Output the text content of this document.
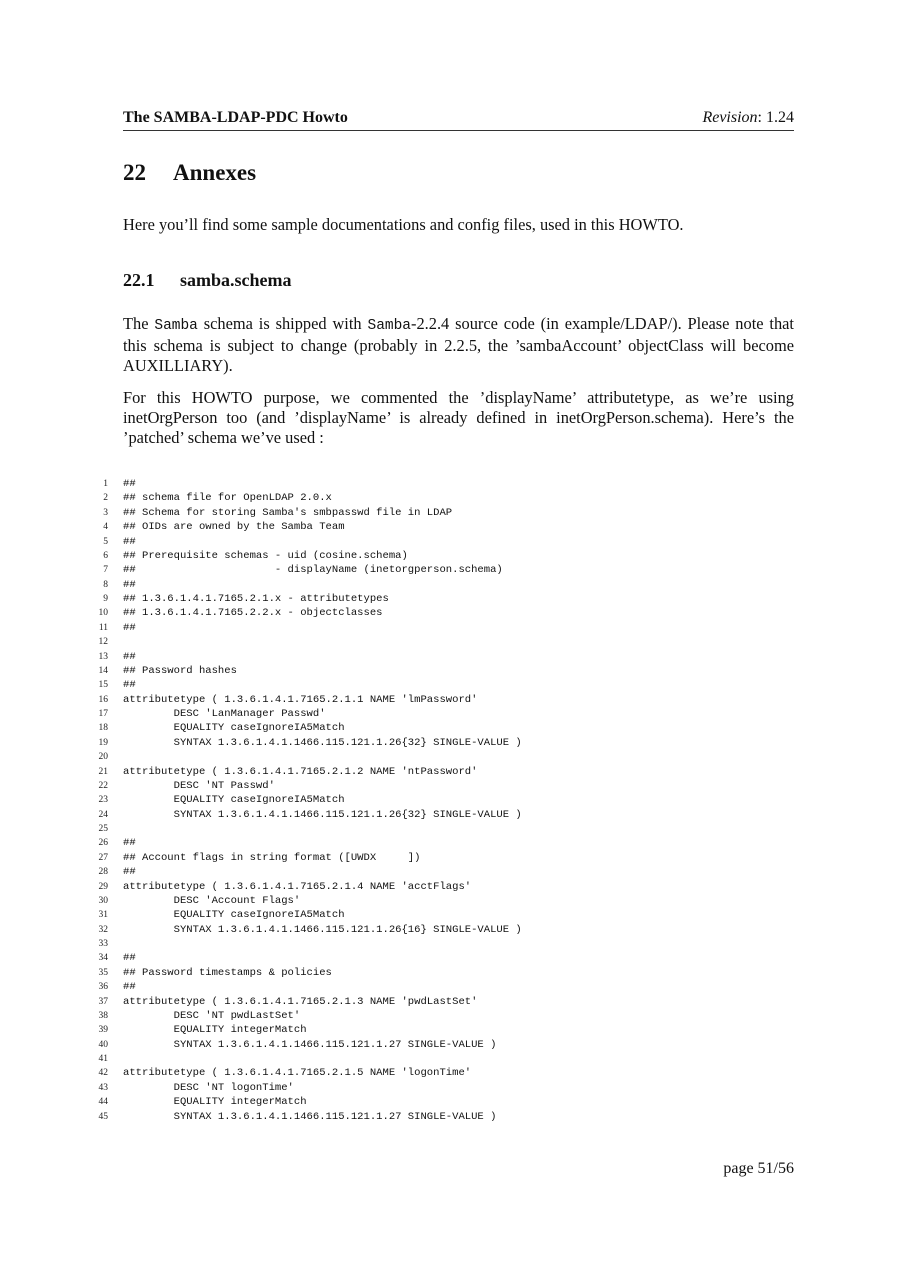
The SAMBA-LDAP-PDC Howto	Revision: 1.24
22 Annexes

Here you’ll find some sample documentations and config files, used in this HOWTO.

22.1 samba.schema

The Samba schema is shipped with Samba-2.2.4 source code (in example/LDAP/). Please note that this schema is subject to change (probably in 2.2.5, the ’sambaAccount’ objectClass will become AUXILLIARY).

For this HOWTO purpose, we commented the ’displayName’ attributetype, as we’re using inetOrgPerson too (and ’displayName’ is already defined in inetOrgPerson.schema). Here’s the ’patched’ schema we’ve used :

1 ##
2 ## schema file for OpenLDAP 2.0.x
3 ## Schema for storing Samba's smbpasswd file in LDAP
4 ## OIDs are owned by the Samba Team
5 ##
6 ## Prerequisite schemas - uid (cosine.schema)
7 ##                      - displayName (inetorgperson.schema)
8 ##
9 ## 1.3.6.1.4.1.7165.2.1.x - attributetypes
10 ## 1.3.6.1.4.1.7165.2.2.x - objectclasses
11 ##
12
13 ##
14 ## Password hashes
15 ##
16 attributetype ( 1.3.6.1.4.1.7165.2.1.1 NAME 'lmPassword'
17 DESC 'LanManager Passwd'
18 EQUALITY caseIgnoreIA5Match
19 SYNTAX 1.3.6.1.4.1.1466.115.121.1.26{32} SINGLE-VALUE )
20
21 attributetype ( 1.3.6.1.4.1.7165.2.1.2 NAME 'ntPassword'
22 DESC 'NT Passwd'
23 EQUALITY caseIgnoreIA5Match
24 SYNTAX 1.3.6.1.4.1.1466.115.121.1.26{32} SINGLE-VALUE )
25
26 ##
27 ## Account flags in string format ([UWDX     ])
28 ##
29 attributetype ( 1.3.6.1.4.1.7165.2.1.4 NAME 'acctFlags'
30 DESC 'Account Flags'
31 EQUALITY caseIgnoreIA5Match
32 SYNTAX 1.3.6.1.4.1.1466.115.121.1.26{16} SINGLE-VALUE )
33
34 ##
35 ## Password timestamps & policies
36 ##
37 attributetype ( 1.3.6.1.4.1.7165.2.1.3 NAME 'pwdLastSet'
38 DESC 'NT pwdLastSet'
39 EQUALITY integerMatch
40 SYNTAX 1.3.6.1.4.1.1466.115.121.1.27 SINGLE-VALUE )
41
42 attributetype ( 1.3.6.1.4.1.7165.2.1.5 NAME 'logonTime'
43 DESC 'NT logonTime'
44 EQUALITY integerMatch
45 SYNTAX 1.3.6.1.4.1.1466.115.121.1.27 SINGLE-VALUE )
page 51/56
